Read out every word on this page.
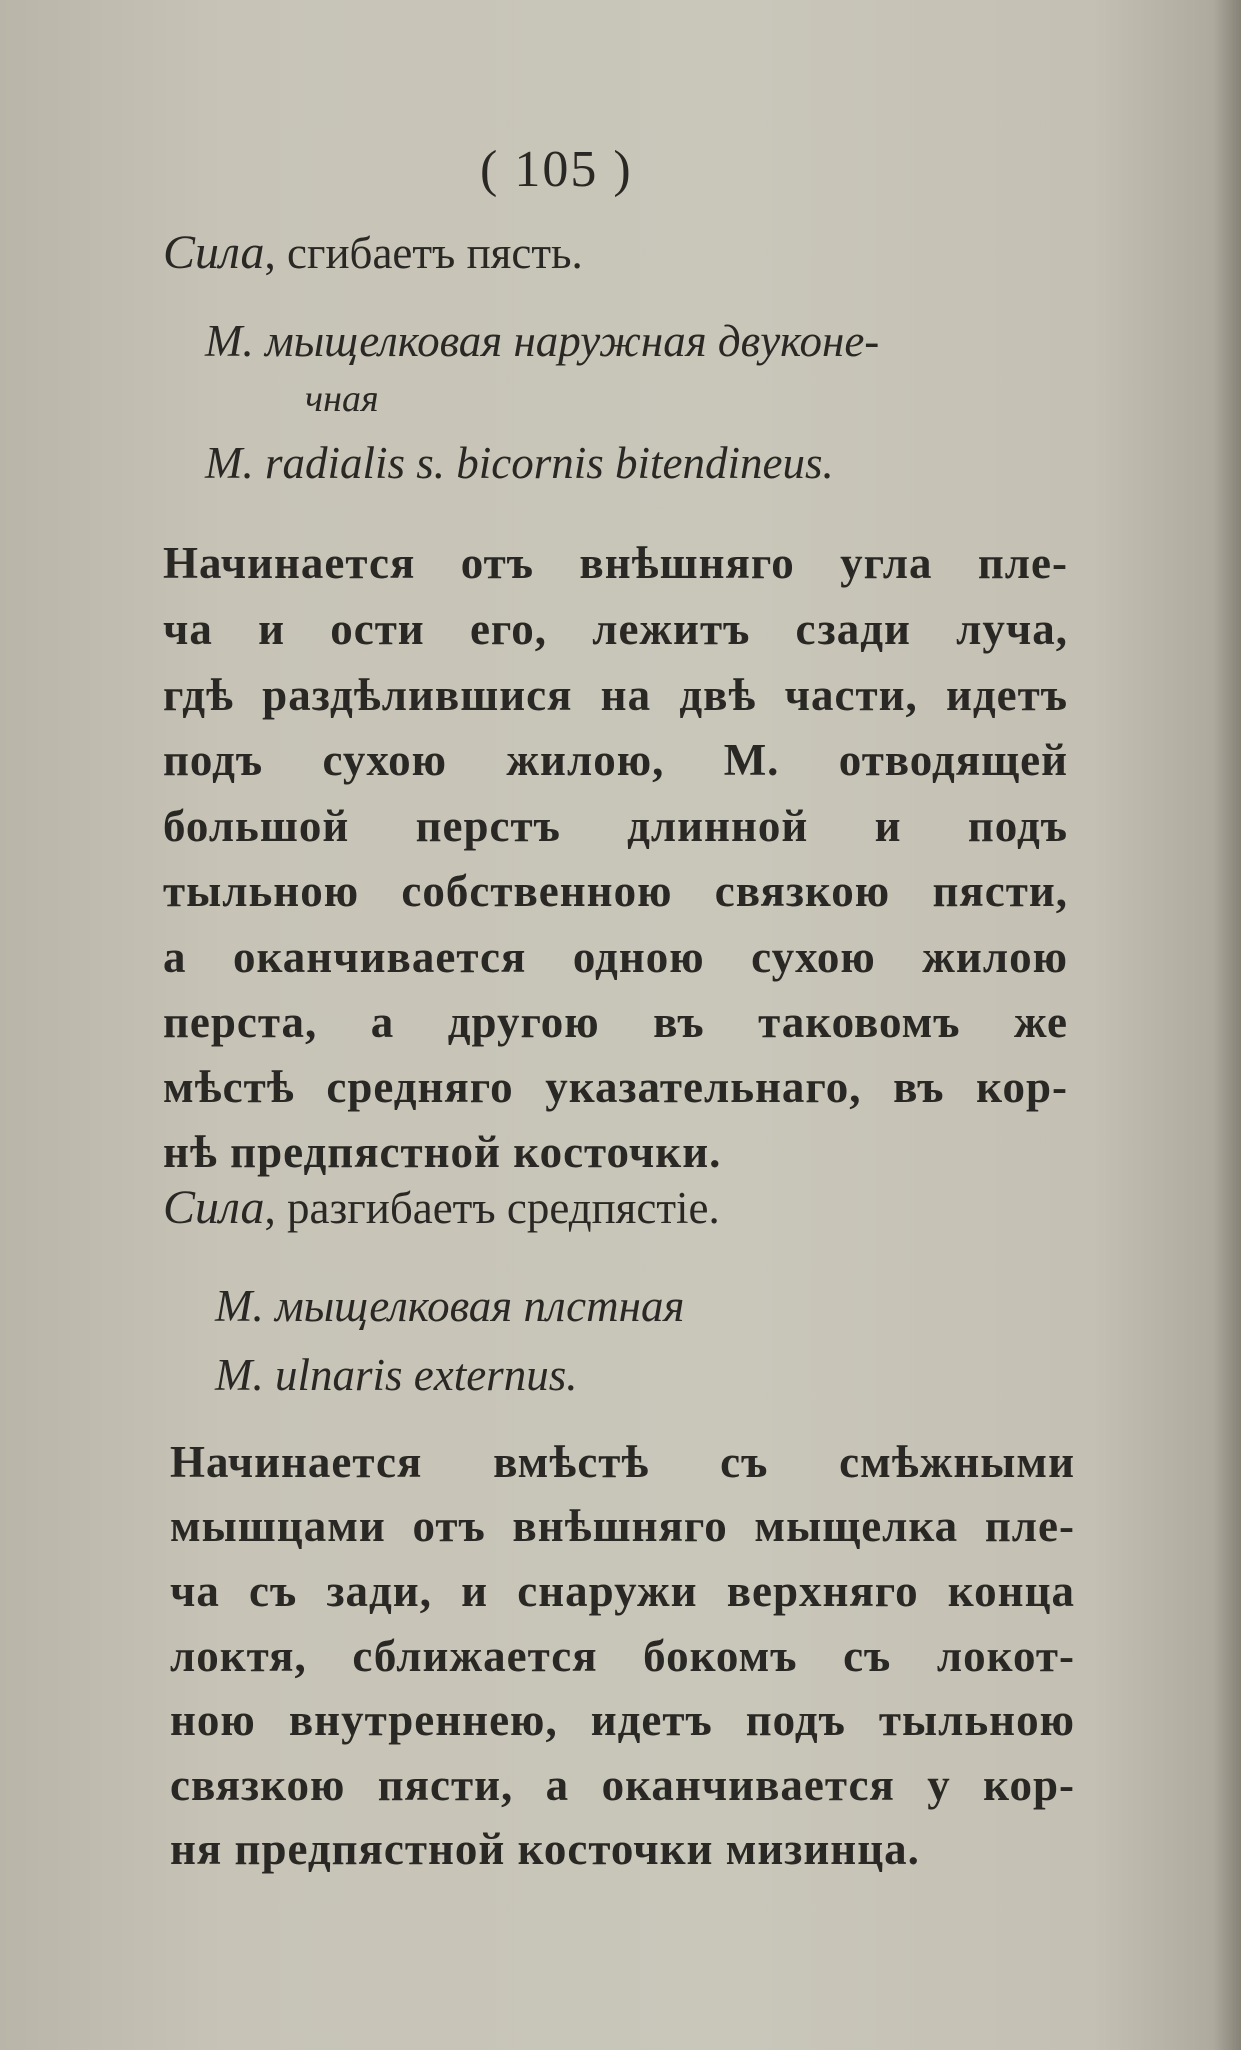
( 105 )
Сила, сгибаетъ пясть.
М. мыщелковая наружная двуконе-
чная
M. radialis s. bicornis bitendineus.
Начинается отъ внѣшняго угла пле-
ча и ости его, лежитъ сзади луча,
гдѣ раздѣлившися на двѣ части, идетъ
подъ сухою жилою, М. отводящей
большой перстъ длинной и подъ
тыльною собственною связкою пясти,
а оканчивается одною сухою жилою
перста, а другою въ таковомъ же
мѣстѣ средняго указательнаго, въ кор-
нѣ предпястной косточки.
Сила, разгибаетъ средпястіе.
М. мыщелковая плстная
M. ulnaris externus.
Начинается вмѣстѣ съ смѣжными
мышцами отъ внѣшняго мыщелка пле-
ча съ зади, и снаружи верхняго конца
локтя, сближается бокомъ съ локот-
ною внутреннею, идетъ подъ тыльною
связкою пясти, а оканчивается у кор-
ня предпястной косточки мизинца.
